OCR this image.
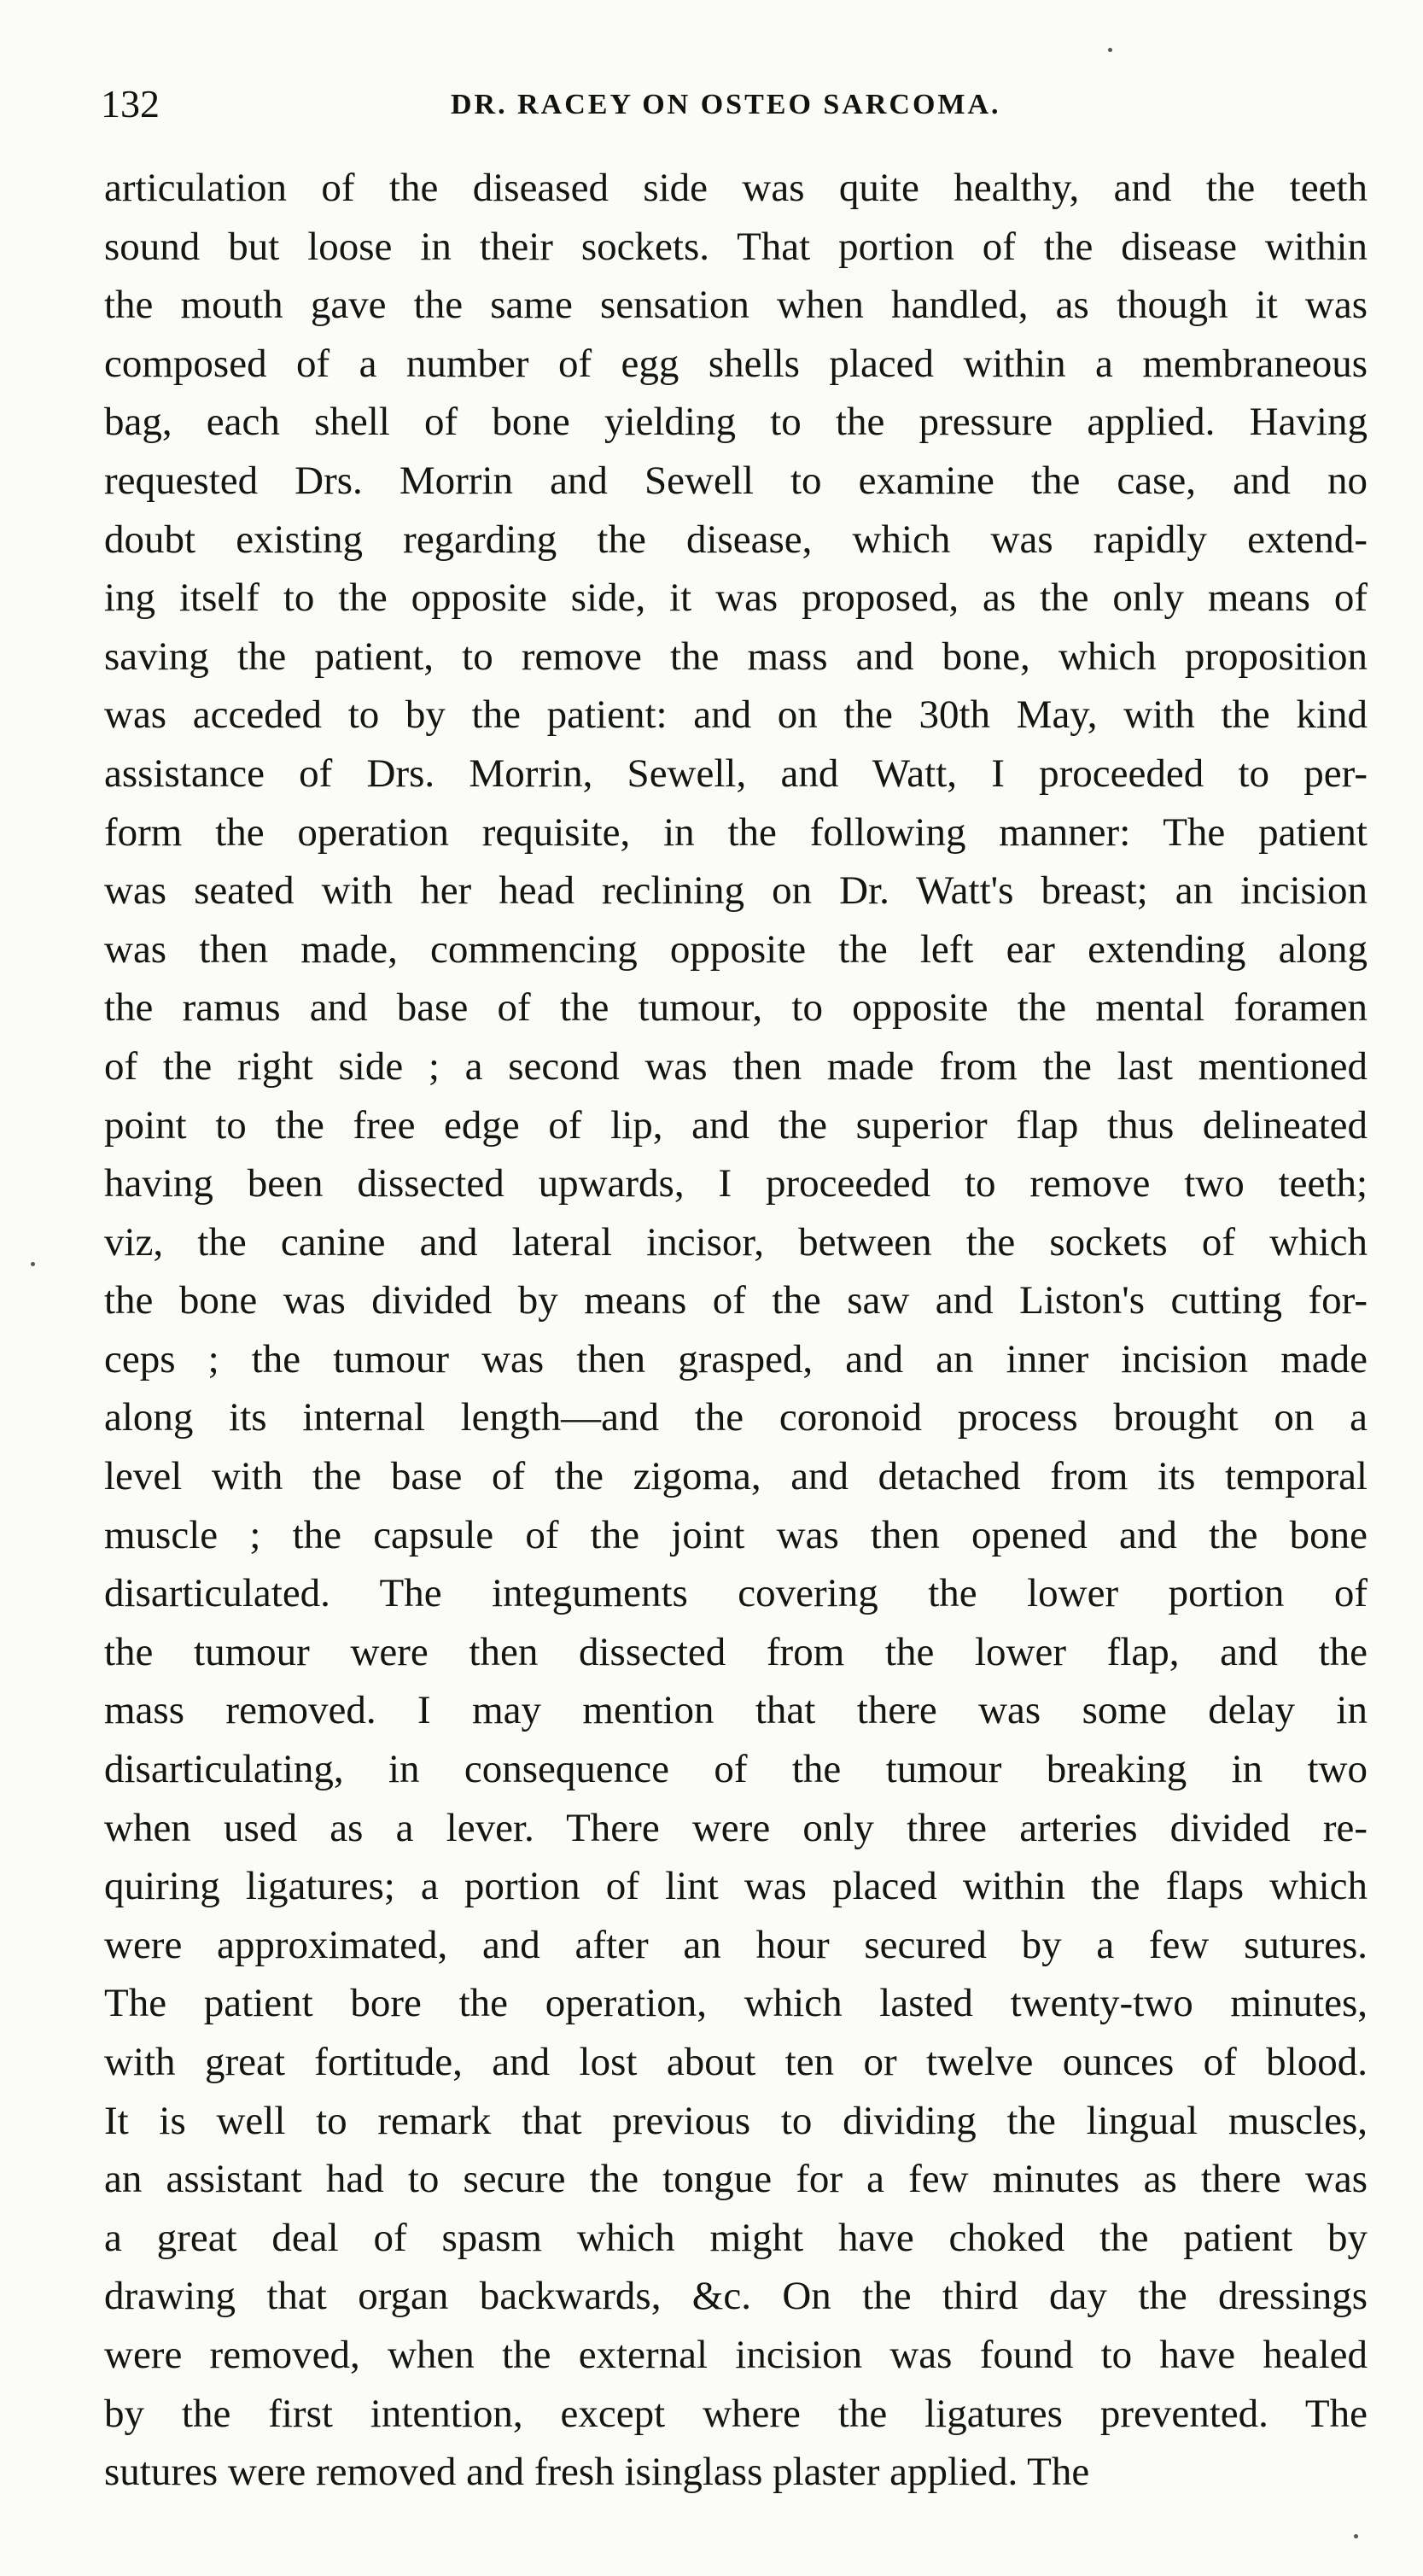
132	DR. RACEY ON OSTEO SARCOMA.
articulation of the diseased side was quite healthy, and the teeth
sound but loose in their sockets. That portion of the disease within
the mouth gave the same sensation when handled, as though it was
composed of a number of egg shells placed within a membraneous
bag, each shell of bone yielding to the pressure applied. Having
requested Drs. Morrin and Sewell to examine the case, and no
doubt existing regarding the disease, which was rapidly extend-
ing itself to the opposite side, it was proposed, as the only means of
saving the patient, to remove the mass and bone, which proposition
was acceded to by the patient: and on the 30th May, with the kind
assistance of Drs. Morrin, Sewell, and Watt, I proceeded to per-
form the operation requisite, in the following manner: The patient
was seated with her head reclining on Dr. Watt's breast; an incision
was then made, commencing opposite the left ear extending along
the ramus and base of the tumour, to opposite the mental foramen
of the right side ; a second was then made from the last mentioned
point to the free edge of lip, and the superior flap thus delineated
having been dissected upwards, I proceeded to remove two teeth;
viz, the canine and lateral incisor, between the sockets of which
the bone was divided by means of the saw and Liston's cutting for-
ceps ; the tumour was then grasped, and an inner incision made
along its internal length—and the coronoid process brought on a
level with the base of the zigoma, and detached from its temporal
muscle ; the capsule of the joint was then opened and the bone
disarticulated. The integuments covering the lower portion of
the tumour were then dissected from the lower flap, and the
mass removed. I may mention that there was some delay in
disarticulating, in consequence of the tumour breaking in two
when used as a lever. There were only three arteries divided re-
quiring ligatures; a portion of lint was placed within the flaps which
were approximated, and after an hour secured by a few sutures.
The patient bore the operation, which lasted twenty-two minutes,
with great fortitude, and lost about ten or twelve ounces of blood.
It is well to remark that previous to dividing the lingual muscles,
an assistant had to secure the tongue for a few minutes as there was
a great deal of spasm which might have choked the patient by
drawing that organ backwards, &c. On the third day the dressings
were removed, when the external incision was found to have healed
by the first intention, except where the ligatures prevented. The
sutures were removed and fresh isinglass plaster applied. The
